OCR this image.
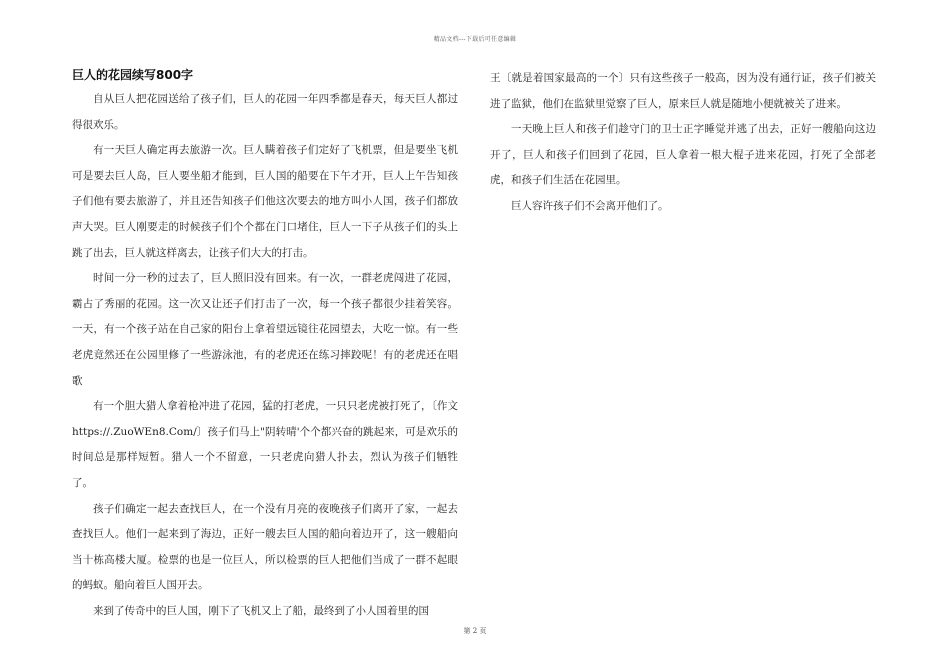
精品文档---下载后可任意编辑
巨人的花园续写800字

自从巨人把花园送给了孩子们，巨人的花园一年四季都是春天，每天巨人都过得很欢乐。

有一天巨人确定再去旅游一次。巨人瞒着孩子们定好了飞机票，但是要坐飞机可是要去巨人岛，巨人要坐船才能到，巨人国的船要在下午才开，巨人上午告知孩子们他有要去旅游了，并且还告知孩子们他这次要去的地方叫小人国，孩子们都放声大哭。巨人刚要走的时候孩子们个个都在门口堵住，巨人一下子从孩子们的头上跳了出去，巨人就这样离去，让孩子们大大的打击。

时间一分一秒的过去了，巨人照旧没有回来。有一次，一群老虎闯进了花园，霸占了秀丽的花园。这一次又让还子们打击了一次，每一个孩子都很少挂着笑容。一天，有一个孩子站在自己家的阳台上拿着望远镜往花园望去，大吃一惊。有一些老虎竟然还在公园里修了一些游泳池，有的老虎还在练习摔跤呢！有的老虎还在唱歌

有一个胆大猎人拿着枪冲进了花园，猛的打老虎，一只只老虎被打死了，〔作文 https://.ZuoWEn8.Com/〕孩子们马上"阴转晴'个个都兴奋的跳起来，可是欢乐的时间总是那样短暂。猎人一个不留意，一只老虎向猎人扑去，烈认为孩子们牺牲了。

孩子们确定一起去查找巨人，在一个没有月亮的夜晚孩子们离开了家，一起去查找巨人。他们一起来到了海边，正好一艘去巨人国的船向着边开了，这一艘船向当十栋高楼大厦。检票的也是一位巨人，所以检票的巨人把他们当成了一群不起眼的蚂蚁。船向着巨人国开去。

来到了传奇中的巨人国，刚下了飞机又上了船，最终到了小人国着里的国

王〔就是着国家最高的一个〕只有这些孩子一般高，因为没有通行证，孩子们被关进了监狱，他们在监狱里觉察了巨人，原来巨人就是随地小便就被关了进来。

一天晚上巨人和孩子们趁守门的卫士正字睡觉并逃了出去，正好一艘船向这边开了，巨人和孩子们回到了花园，巨人拿着一根大棍子进来花园，打死了全部老虎，和孩子们生活在花园里。

巨人容许孩子们不会离开他们了。

第 2 页
